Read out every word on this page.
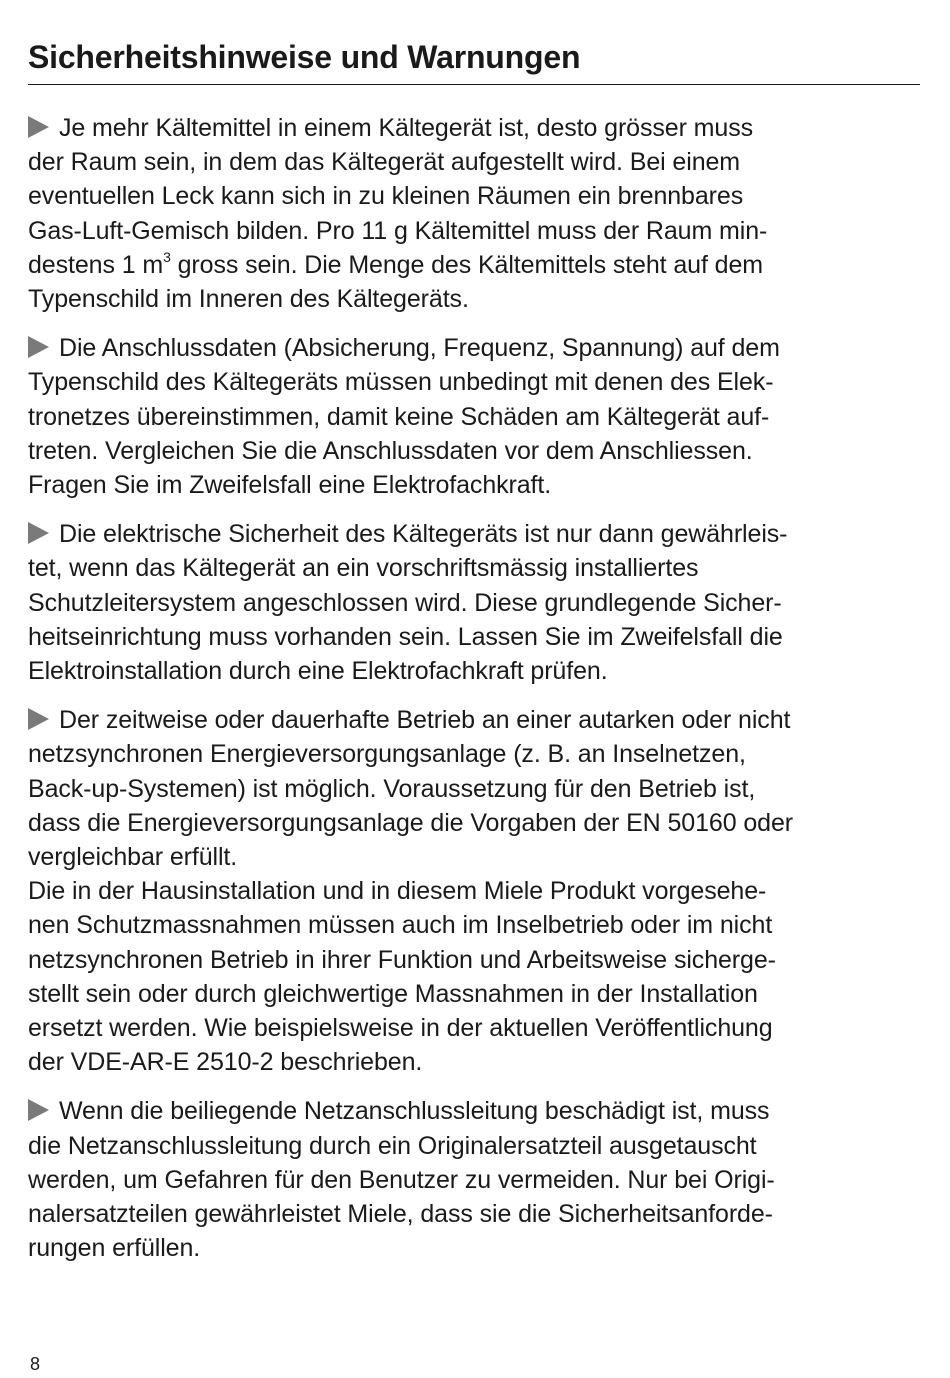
Sicherheitshinweise und Warnungen

Je mehr Kältemittel in einem Kältegerät ist, desto grösser muss
der Raum sein, in dem das Kältegerät aufgestellt wird. Bei einem
eventuellen Leck kann sich in zu kleinen Räumen ein brennbares
Gas-Luft-Gemisch bilden. Pro 11 g Kältemittel muss der Raum min-
destens 1 $m^3$ gross sein. Die Menge des Kältemittels steht auf dem
Typenschild im Inneren des Kältegeräts.

Die Anschlussdaten (Absicherung, Frequenz, Spannung) auf dem
Typenschild des Kältegeräts müssen unbedingt mit denen des Elek-
tronetzes übereinstimmen, damit keine Schäden am Kältegerät auf-
treten. Vergleichen Sie die Anschlussdaten vor dem Anschliessen.
Fragen Sie im Zweifelsfall eine Elektrofachkraft.

Die elektrische Sicherheit des Kältegeräts ist nur dann gewährleis-
tet, wenn das Kältegerät an ein vorschriftsmässig installiertes
Schutzleitersystem angeschlossen wird. Diese grundlegende Sicher-
heitseinrichtung muss vorhanden sein. Lassen Sie im Zweifelsfall die
Elektroinstallation durch eine Elektrofachkraft prüfen.

Der zeitweise oder dauerhafte Betrieb an einer autarken oder nicht
netzsynchronen Energieversorgungsanlage (z. B. an Inselnetzen,
Back-up-Systemen) ist möglich. Voraussetzung für den Betrieb ist,
dass die Energieversorgungsanlage die Vorgaben der EN 50160 oder
vergleichbar erfüllt.
Die in der Hausinstallation und in diesem Miele Produkt vorgesehe-
nen Schutzmassnahmen müssen auch im Inselbetrieb oder im nicht
netzsynchronen Betrieb in ihrer Funktion und Arbeitsweise sicherge-
stellt sein oder durch gleichwertige Massnahmen in der Installation
ersetzt werden. Wie beispielsweise in der aktuellen Veröffentlichung
der VDE-AR-E 2510-2 beschrieben.

Wenn die beiliegende Netzanschlussleitung beschädigt ist, muss
die Netzanschlussleitung durch ein Originalersatzteil ausgetauscht
werden, um Gefahren für den Benutzer zu vermeiden. Nur bei Origi-
nalersatzteilen gewährleistet Miele, dass sie die Sicherheitsanforde-
rungen erfüllen.

8
